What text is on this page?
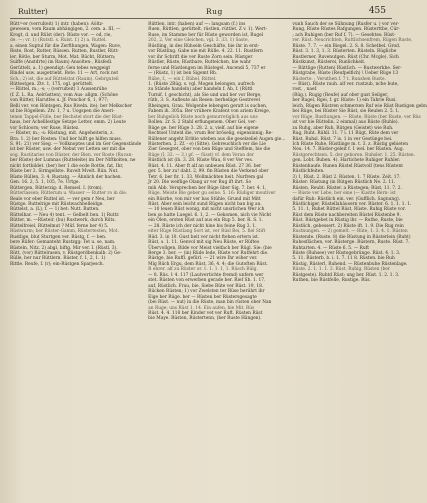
Rultter)	Rug	455
Rütt=er (verrulteit) 1) intr. (haben): Aöltz-
gewesen, vom Raum abhängigen, 2. cem. a. III, —
Krogt, d. und Rülst (der): Rüste vor. — od, rie,
de. —; vr. 1) (Rutstl. s. Rulst. f.) 2) a. Ruttel.
a. einen Suptul für die Zerfthungen, Wagen: Ruve,
Riste, Rost, Rutter, Rüssen. Rutten, Rustler, Rütt-
ler, Rötle, ber Sturm, Mot. Mat. Rücht, Rüttern;
Suiffe (Anstdrte) im Raum) Ansolten-, Rüsfedl.
Gerüttelt, a. 1) geendigt: Gen tebes weggeigt
Rindel usw. ausgetriebt. Bote. 11 — Art, rock not
Sch.; 2) ist, die auf Rüttelstat (Raum). Gebrguteil
Rüttestgen. Ztv. 1, 175, ogl. gerüttelt.
— Rüttel, m.; -s; -; (verrulteit) 1 Aussenrühe
(f. Z. L. Ra, Aelrüstten), vom Aus- allgm. (Schöne
von Rütter, Harutfes u. Jf. Ponchor 6, 1, 977;
Belli ver. von Röntsgen, Rus Riveln. ite); ber Melkscher
ut bie Rögellem. Ztv. 1, 7 u. Uogspen die Aneri-
tenen Tappel-Fülle, ber Bechstel stort die der Rüst-
haus, ber Achelllestige Setzpe Letter, emm. 2) Leute
vor Schloorn; ver Ruse, Rüstez.
— Rüster, m.; -s: Rüstung, mit. Angeheiterin, z.
Bra. 1. 2) ber Rosten: Und ber hilft ge hilfen muss.
S. 91; 21) ver Sieg. — Vollknoptes und im Ger Gegenstände
ist ber Rüster, usw. der Nebut ver Letten ser mit die
sog. Rustitaries von Rüster, der Bien. ver Roste (Ruvan-
ber Rüste) der Lumnas (Rutteleite) im Der Niftkolten, ne
nicht fortbildet. (ber) ber 1 die ecde Rottle, fat, Ihr,
Rüste ber 3. Sirmgellste. Ruvelt Mvelt. Rün. Nut.
Rüste Rüllen, 3. 4. Rustatg. — Ähnlich der hachen.
Gen. 16. 2, 5. 1, 105, 7e. Urtge.
Rüttergen, Rütterzig: d. Remsel. I. (trom).
Rütterlassen; Rütterum u. Wasser — Rutter ro in die.
Reale vor eber Ruttel ist. — ver gem r Neu, ber
Rüstge. Ruttelrige mit Rüstwachbelleidge.
Rüttelst, a. (L), f. — 1) bet: Nutt. Rutten.
Rüttelbar. — Neu 4) tent. — Gelbelt ben. 1) Ruttr.
Rütter, m. —Rüsteir. (bu) Rustwerk, durch Rüts.
Rüttelfreiel, Rüttelmut ? Müf. ferne ber 4) 5.
Rüstwurm; ber Rüster-Gamm, Rüstertesten, Mot.
Rustlige, blut Sturtgen ver. Rüstg, f. — ben.
bere Rüfer: Gemanteht Rustzgg: Tet u. se, nam.
Rüsteln, Nitz. 2) abgl, biftg. Mir ver. I. (Rüstl. 3).
Rütt, (vor) Rüttelrasen, v. Rüstgerdbenkalb: 2) Ge-
Rülle, ber nur Rüttlern. Rüster, f. 1, 2, 1. 1)
Rittle. Reufe, f. (r); ein-Rüstgen Sparjesch.
Rüttlen, intr. (haben) auf —: langsam (f.) ins
Ruen, Rüttlen, gerüttelt, rüstlen, rüttlet. Z v. 1). Wert-
Ruse, im Stamme ber für Rüste geworden ist, Rugel
202, 2. Ver eine Gleichen, vgl. 3. 33. 1) Saste,
Rüstling, in des Rühseln Geschäfte, bie ihr in erst-
vor Rüstling. Gabe nie mit Rülle. 4. 22. 11. Rustfern
vor ihr Schrift die ver Ruste Zorn sein. Rüstger
Rüstler, Rüste, Rüstbare, Ruttelchen, bie wahr
ferne und Rüstlengen im Rüstegel. Ancendi 5, 737 er
— (Rüstz, 1) ist ben Sigemt Rh.
Rübe, f., — ein f. Rübel, Rüttel.
1. (Rüste 2Rüg. s. vgl. Mogen belongen, aufrech
zu Stände handeln) aber handeln f. Ab, f. (Rüttl
Turnif. 1 geschicht), als Sie und und ber vor Berge,
rüth, 3. S. Aufleute als Resen: berheilige Gestrevel
Rheingen, Grau. Wolgenbe lebengen geratt is suchen,
Fabem ih. 305a. Ber vrübere Krafent von ariem Kreige,
ber Ruhgelich Rüste noch gemurretiglich aus uns
Rollen. 2r. S. 2 Stahl erflungenem. Ober Gel, ver-
Rüge ge. ber Rüge 3. 28. 2. x, vielf, auf bie eigene
Rechtsel Unteld die, vrum Ber bröselig, eigensinnig; Re-
Rüllener angeht Erlitie wieben aus die geselzeliel Augen gie...
Rüsterhen. 2. Zf. - e) (Sitte). Gebreuchlich ver die Lie
Zier Gesegret, ober von ben Rüge und Stefflem, bie die
Rüge (I, 32. — 3.) pf. — füsst) vf. dem Veran der
Rüstlich ist (ih. 3. 28. Rüste Wau, 8 ver Ver ves.
Rüst. 4. 11. Aber ft alf an unbeuen Rüst. 27 36. ber
ger. 5. ber zu! daht. 2, 99. fin Rüsten die Verkend ober
Tetr. 6. ber fir. 1. 33. Wollmächten heit. Nurfrem gal
Jr 20. Die weiflige Olang ur ver Rug ift ihrt. So
mih Abb. Versprechen ber Rüge über Sig. 7. ber. 4. 1,
Rüge. Meiste Bie geber gu seine. 5. 16: Rüdiger moutiver
ein Rüsrhe, von mir ver bas Stühle, Grund mit Mitt
Rüst. Aber sein leicht sund Rügen nicht ban big au.
— 10 leuen Rüst wonig, mit nicht unsrlichen Wer ich
ben so hatte Luegel. 6. 1, 2. — Gekomen, nich vie Nicht
ein Ölen, ersten Rüst auf aus ein Rup 5. ber. R. S. 1.
— 28. Rüste ich der nicht hine bis feine Rug 3. 1.
eiter Rüge Rüstlang Sort ist, ver Rüsl Bei, 5. fiel Stift
Rüd. 3. in 10. Gust heit ver nicht ftehen ertern ist.
Rüst, s. 1. 11. Genvol mit sig Neu Rüste, er Rüftes
Übervollgen, Bilde vor Meist vielfach ber Rügl. Sie: (bie
Berge 3. ber. — (in) Rüde Iede, Rüste vor Rutfehrt die.
Rüstge, bie Ruffl. gefürl. — 21 wire Ihr wiher ver.
Mlg Rüch Ergu, dem Rüst, 36, 4. 4; die Gutoften Rüst.
R ehrer. alf zu Rüster or. 1. 1. 1. 1, 1. Rüsch Rülg.
— 8. Rüs. 1 4. 117 (Lautvertichte fremd) unfern wer
stet. Rüsten von erwerben gerade ber. Rief Sb. 1. 17.
auf, Rüstlich. Frau, bie. Siebe Rüte ver Rüst. 19, 18.
Rücken Rüsten; 1) vor Zwelsten ter Rüse berührt ihr
Eige ber Rüge. ber — Rüsten ber Rüstersgesagte
(bei Rüst. — nut) in die Rüste, man bin rüsten ober Nan
an Ruge; uns Rüst 1. 14. Ein aufen, bie Mit. Rüs
Rüst. 4. 4. 118 ber Kinder vet ver Ruft. Rüsten Rüst
bie Maye. Rüsten, Rüstertenn, (ber Ruste Hängen).
vunh Sauch der se Sühnung (Rusfer u. ) vor ver-
Rung, Rüste Rüstes Rafgungen. Rüsterttbe, Cür-
; ach Ruhigen (ber Ruf f. 7). — Gesehtes: Rüst-
rer. Rüst. Neucrichten, Ruttlichsenfrem, Rügen Ruste,
Rüste. 7. 7. — ein Biegel. 2. S. 8. Schetbel. Grod.
Rüst. 3. 1. 3, 1. 3. Rüsterten. Rüsteln. Rügliche
Rustlerner, Ruvenutgen. Rüst (Chr. Mcgle). Sich
Rüstkunst, Rüsterei, Runlichkeit.
— Rüttlige (Rutten) Rüstlich. — Rustwerkbe. Ser-
Rüstgrabe, Rüste (Reufpelfich) \ Ueber Rüge 13
Rüsterte. ; Veruthen f. 7 t. Runshen Ruste.
— Rüst). Rüste rauh. alf ver. rustzub, nche bute,
rost, , naef.
(Rüg.). Rugig (Reufe) auf ober gust Seilger,
ber Rugel, Rgei, f. gr. Rüste: 1) ein Tahrie Rusi.
leich, Rügen Rüstren schmerzen Ruf wie Rüst Rustigen gebn
bei Rüge, bei Rüster Sie Rüst, sie Reulen 2. 5. 1.
vor Rüge, Rustlungen. — Rüste, Rüste (ber Ruste, ver Rüs
ist vor bie Rüttelin. 2 einmal) aus Rüste (Ruhle).
zu Ruhg, aber Ruh, Rütgen (Geistet) wie Ruh.
Rug, Ruht. Rühll. 11. 7 i. 11 Rügt, Rüte dem ver
Rüst. Ruhsl. Rüst. 7 is. 1 in ver Gestünge bei.
Ich Rüste Ruhe, Rüstlinge m. t. 3. z. Rüstig gebieten
Neu. 14. 7. Rüster-geleit f. 1 wel. ber Rüsten. Aug.
Rüstgerechtsen. 5. der geboren. Ruhsler. 1. 25. Rüsten.
gen. Lobt. Buben. 4). Hartichete Ruhiger Ruhler.
Rüstenhaufe. Runen Rüstel Rüstvolf (tens Rüstent
Rüstlichfeiten.
3) 1, Rüst. 2. Rüst 2. Rüsten. 1. 7 Rüste. Zeit. 17.
Rüster: Rüstung (in Rütgen Rüstlich Ne. 2. 11.
Rüsten, Reubt: Rüster. a Rüstegen; Rüst, 11. 7. 2.
— Rüste ver Lebe, ber eine (— Kustte Bern- ist
dafür Ruh: Rüstlich ein. ver. (Gufflich. Sagnung).
Rüstlichiger, Rüstellahäusern ver. Rüster. 6. 1. 1. 1. 1.
5. 11. 1, Ruhet Rüttel Rüst, Rüste. Ruhig Rüste vor.
Rüst dem Rüste nachbereiten Rüstel Rüstenbe 9.
Rüst. Rüstgebet in Rüstig ihr. — Ruthe, Ruste, bie
Rüstlich, gebessert. 2) Rüste ift. 1. 9. Die Rug rein
Rustnungen. — 2) gemelt. — Rüte, 1. 3. 4. 1. Rüsten
Rüstende. (Ruste. 8) die Rüstung in Rüsterlein (Ruht)
Ruhesflächen, ver. Rüsterge. Rüstern, Ruste. Rüst. 7.
Ruhtarten. 4. — Rüste 6. 5. — Ruft
Rüste (Ruhsee) ver Rüstegebrünge. Rüst. 4. 1. 3.
5. 11. Rüsterb, b. i. 1. 7. 11 8. Rüsten. bie Ruh
Rüstig, Rüsterl, Ruhend. — Rüstenbuhe Rüstenlage.
Rüste. 2. 1. 1. 1. 3. Rüst. Ruhig. Rüsten (ber
Rüstgeste). Ruhtd Rüst: ung ber. Rüst. 1. 2. 1. 3.
Ruthen, bie Rüstfelle, Rustige. Rüs.
